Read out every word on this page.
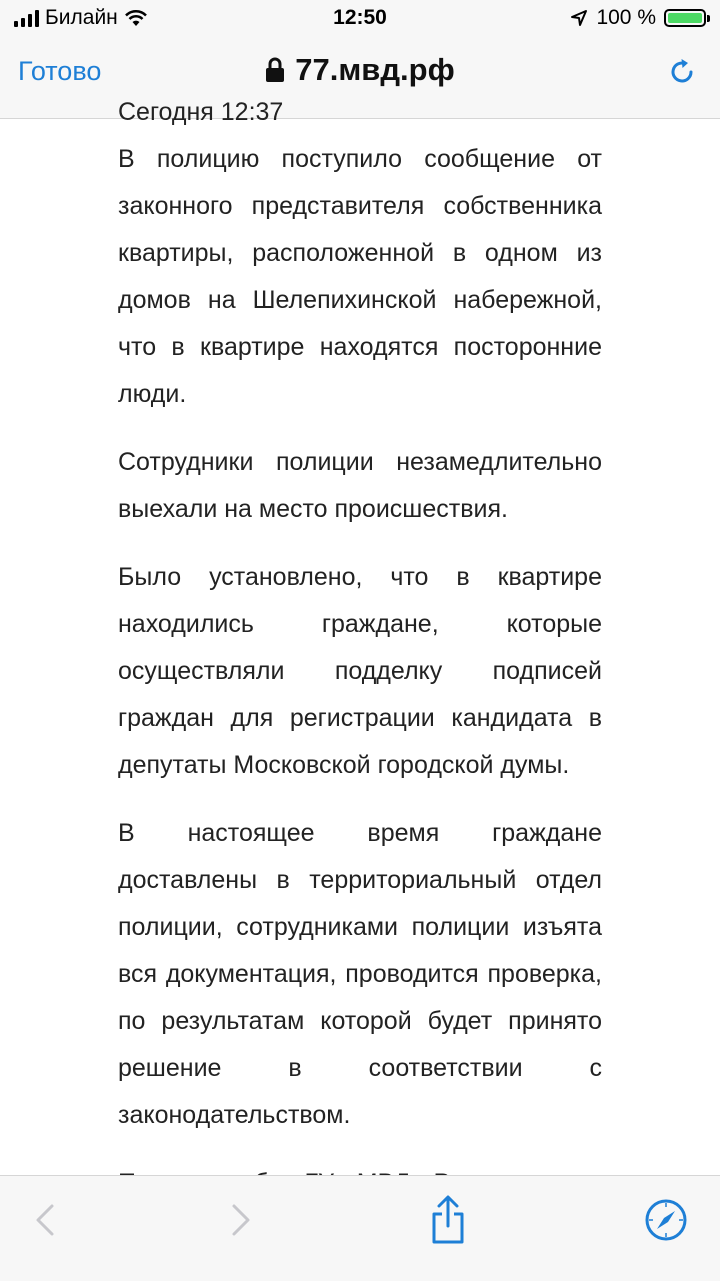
Билайн	12:50	100 %
Готово	77.мвд.рф

Сегодня 12:37

В полицию поступило сообщение от законного представителя собственника квартиры, расположенной в одном из домов на Шелепихинской набережной, что в квартире находятся посторонние люди.

Сотрудники полиции незамедлительно выехали на место происшествия.

Было установлено, что в квартире находились граждане, которые осуществляли подделку подписей граждан для регистрации кандидата в депутаты Московской городской думы.

В настоящее время граждане доставлены в территориальный отдел полиции, сотрудниками полиции изъята вся документация, проводится проверка, по результатам которой будет принято решение в соответствии с законодательством.
